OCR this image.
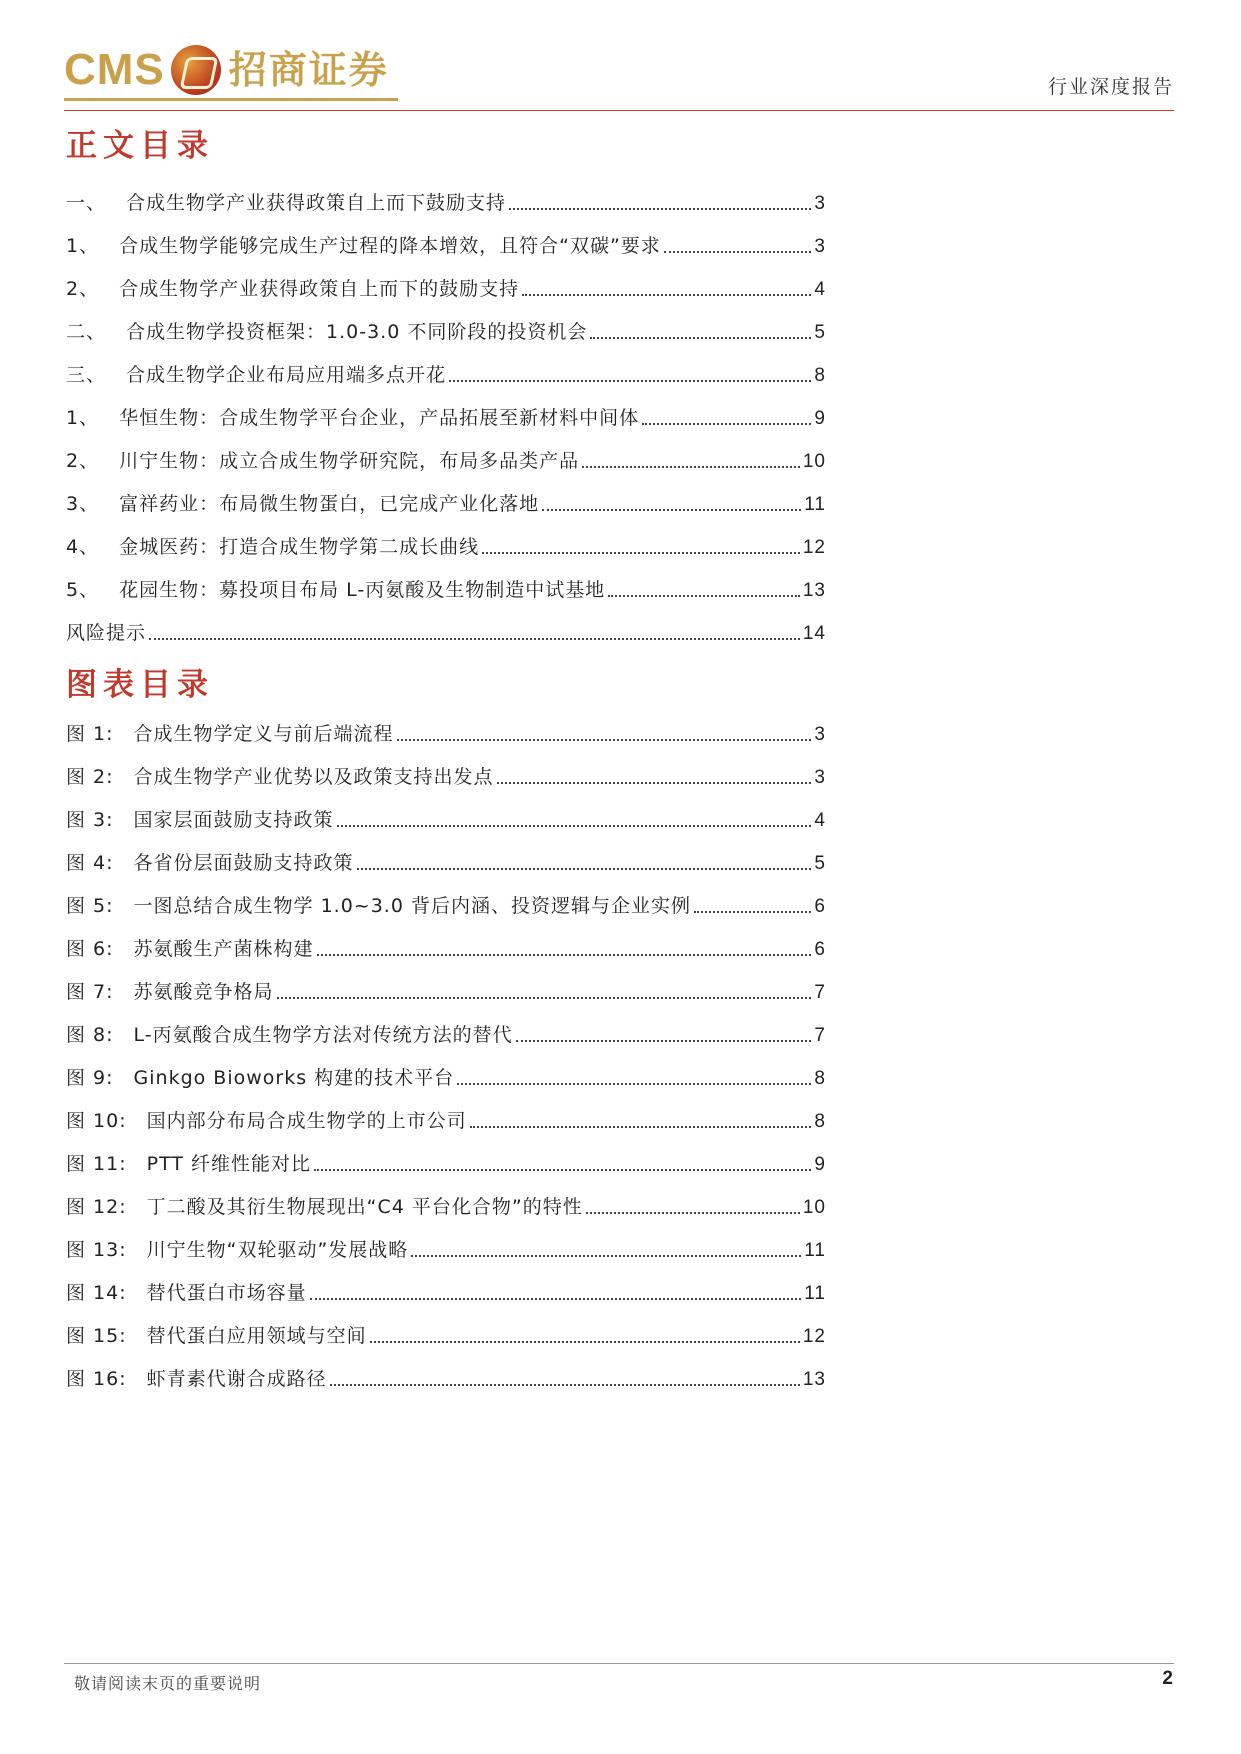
CMS 招商证券	行业深度报告
正文目录
一、 合成生物学产业获得政策自上而下鼓励支持	3
1、 合成生物学能够完成生产过程的降本增效，且符合“双碳”要求	3
2、 合成生物学产业获得政策自上而下的鼓励支持	4
二、 合成生物学投资框架：1.0-3.0 不同阶段的投资机会	5
三、 合成生物学企业布局应用端多点开花	8
1、 华恒生物：合成生物学平台企业，产品拓展至新材料中间体	9
2、 川宁生物：成立合成生物学研究院，布局多品类产品	10
3、 富祥药业：布局微生物蛋白，已完成产业化落地	11
4、 金城医药：打造合成生物学第二成长曲线	12
5、 花园生物：募投项目布局 L-丙氨酸及生物制造中试基地	13
风险提示	14
图表目录
图 1: 合成生物学定义与前后端流程	3
图 2: 合成生物学产业优势以及政策支持出发点	3
图 3: 国家层面鼓励支持政策	4
图 4: 各省份层面鼓励支持政策	5
图 5: 一图总结合成生物学 1.0~3.0 背后内涵、投资逻辑与企业实例	6
图 6: 苏氨酸生产菌株构建	6
图 7: 苏氨酸竞争格局	7
图 8: L-丙氨酸合成生物学方法对传统方法的替代	7
图 9: Ginkgo Bioworks 构建的技术平台	8
图 10: 国内部分布局合成生物学的上市公司	8
图 11: PTT 纤维性能对比	9
图 12: 丁二酸及其衍生物展现出“C4 平台化合物”的特性	10
图 13: 川宁生物“双轮驱动”发展战略	11
图 14: 替代蛋白市场容量	11
图 15: 替代蛋白应用领域与空间	12
图 16: 虾青素代谢合成路径	13
敬请阅读末页的重要说明	2
